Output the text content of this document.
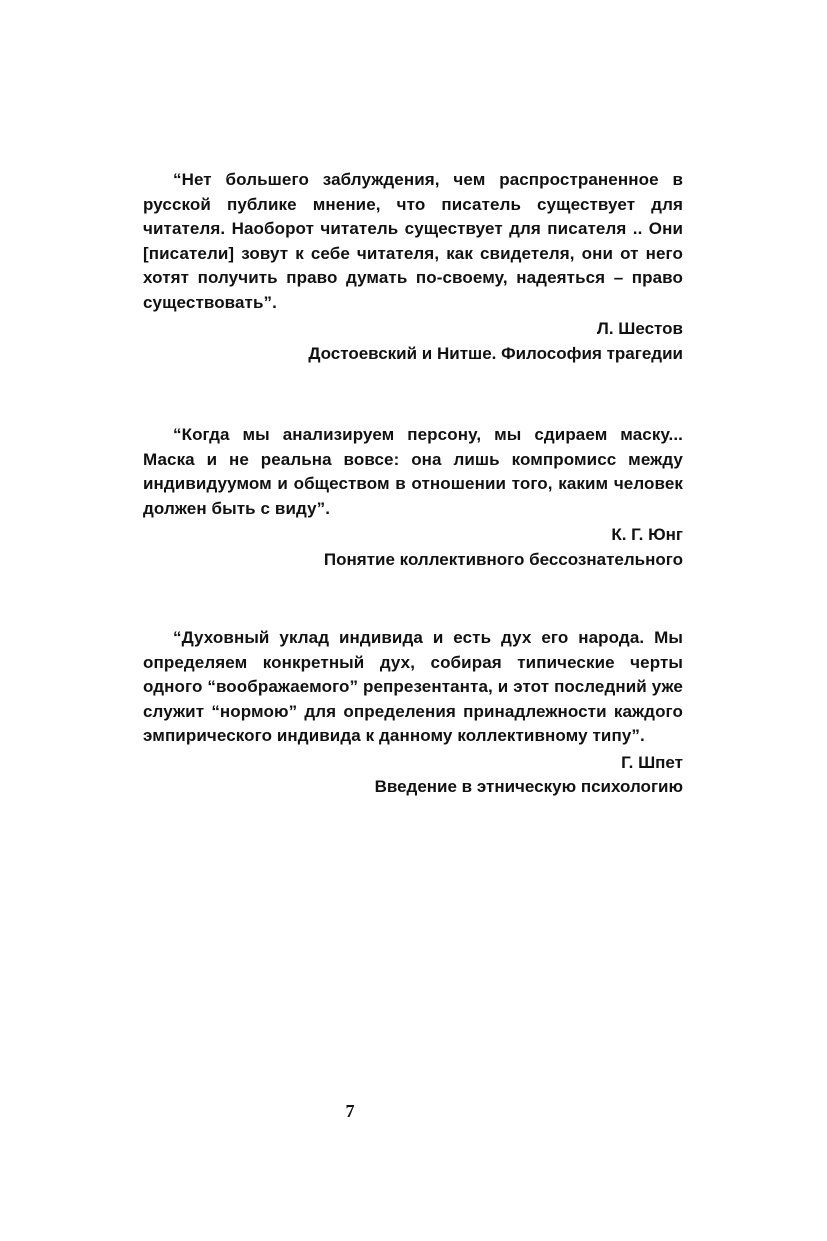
“Нет большего заблуждения, чем распространенное в русской публике мнение, что писатель существует для читателя. Наоборот читатель существует для писателя .. Они [писатели] зовут к себе читателя, как свидетеля, они от него хотят получить право думать по-своему, надеяться – право существовать”.

Л. Шестов

Достоевский и Нитше. Философия трагедии

“Когда мы анализируем персону, мы сдираем маску... Маска и не реальна вовсе: она лишь компромисс между индивидуумом и обществом в отношении того, каким человек должен быть с виду”.

К. Г. Юнг

Понятие коллективного бессознательного

“Духовный уклад индивида и есть дух его народа. Мы определяем конкретный дух, собирая типические черты одного “воображаемого” репрезентанта, и этот последний уже служит “нормою” для определения принадлежности каждого эмпирического индивида к данному коллективному типу”.

Г. Шпет

Введение в этническую психологию

7
